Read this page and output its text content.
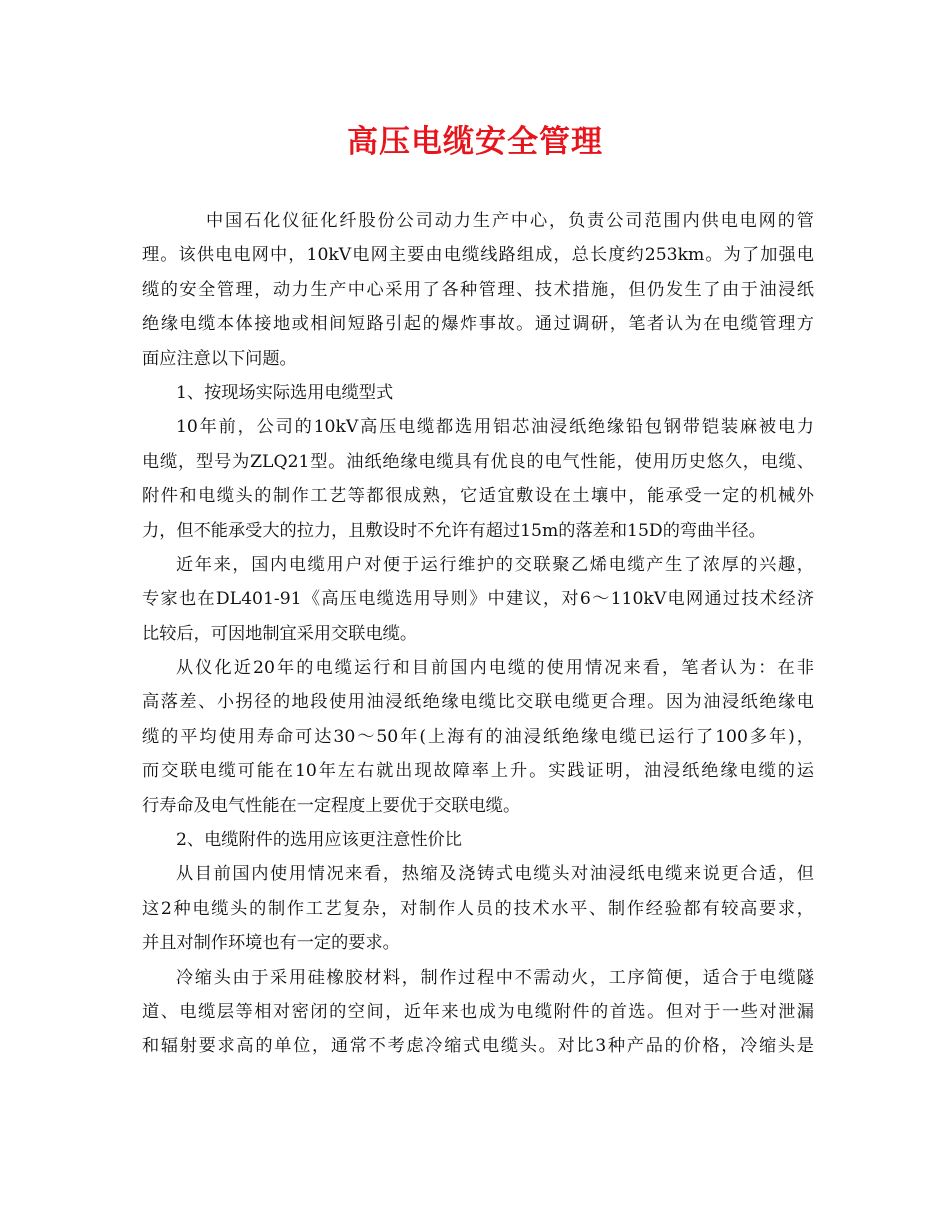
高压电缆安全管理
中国石化仪征化纤股份公司动力生产中心，负责公司范围内供电电网的管
理。该供电电网中，10kV电网主要由电缆线路组成，总长度约253km。为了加强电
缆的安全管理，动力生产中心采用了各种管理、技术措施，但仍发生了由于油浸纸
绝缘电缆本体接地或相间短路引起的爆炸事故。通过调研，笔者认为在电缆管理方
面应注意以下问题。
1、按现场实际选用电缆型式
10年前，公司的10kV高压电缆都选用铝芯油浸纸绝缘铅包钢带铠装麻被电力
电缆，型号为ZLQ21型。油纸绝缘电缆具有优良的电气性能，使用历史悠久，电缆、
附件和电缆头的制作工艺等都很成熟，它适宜敷设在土壤中，能承受一定的机械外
力，但不能承受大的拉力，且敷设时不允许有超过15m的落差和15D的弯曲半径。
近年来，国内电缆用户对便于运行维护的交联聚乙烯电缆产生了浓厚的兴趣，
专家也在DL401-91《高压电缆选用导则》中建议，对6～110kV电网通过技术经济
比较后，可因地制宜采用交联电缆。
从仪化近20年的电缆运行和目前国内电缆的使用情况来看，笔者认为：在非
高落差、小拐径的地段使用油浸纸绝缘电缆比交联电缆更合理。因为油浸纸绝缘电
缆的平均使用寿命可达30～50年(上海有的油浸纸绝缘电缆已运行了100多年)，
而交联电缆可能在10年左右就出现故障率上升。实践证明，油浸纸绝缘电缆的运
行寿命及电气性能在一定程度上要优于交联电缆。
2、电缆附件的选用应该更注意性价比
从目前国内使用情况来看，热缩及浇铸式电缆头对油浸纸电缆来说更合适，但
这2种电缆头的制作工艺复杂，对制作人员的技术水平、制作经验都有较高要求，
并且对制作环境也有一定的要求。
冷缩头由于采用硅橡胶材料，制作过程中不需动火，工序简便，适合于电缆隧
道、电缆层等相对密闭的空间，近年来也成为电缆附件的首选。但对于一些对泄漏
和辐射要求高的单位，通常不考虑冷缩式电缆头。对比3种产品的价格，冷缩头是
